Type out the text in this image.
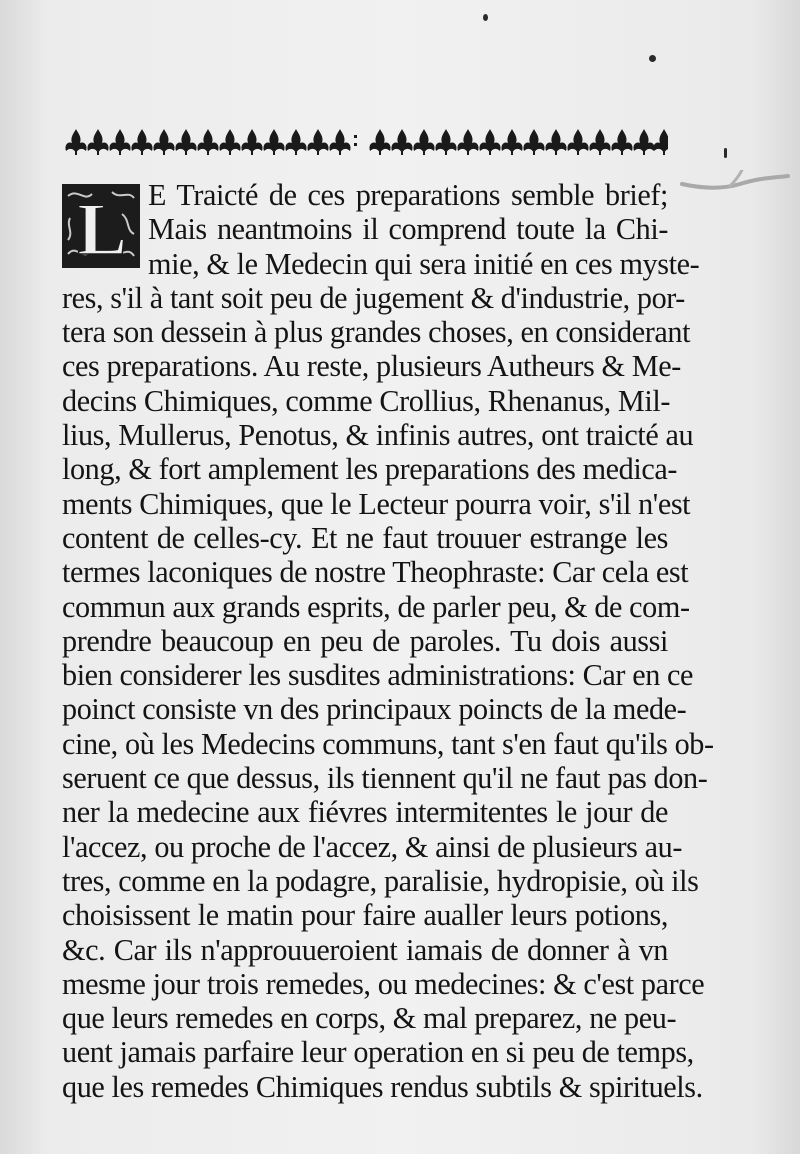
L E Traicté de ces preparations semble brief;
Mais neantmoins il comprend toute la Chi-
mie, & le Medecin qui sera initié en ces myste-
res, s'il à tant soit peu de jugement & d'industrie, por-
tera son dessein à plus grandes choses, en considerant
ces preparations. Au reste, plusieurs Autheurs & Me-
decins Chimiques, comme Crollius, Rhenanus, Mil-
lius, Mullerus, Penotus, & infinis autres, ont traicté au
long, & fort amplement les preparations des medica-
ments Chimiques, que le Lecteur pourra voir, s'il n'est
content de celles-cy. Et ne faut trouuer estrange les
termes laconiques de nostre Theophraste: Car cela est
commun aux grands esprits, de parler peu, & de com-
prendre beaucoup en peu de paroles. Tu dois aussi
bien considerer les susdites administrations: Car en ce
poinct consiste vn des principaux poincts de la mede-
cine, où les Medecins communs, tant s'en faut qu'ils ob-
seruent ce que dessus, ils tiennent qu'il ne faut pas don-
ner la medecine aux fiévres intermitentes le jour de
l'accez, ou proche de l'accez, & ainsi de plusieurs au-
tres, comme en la podagre, paralisie, hydropisie, où ils
choisissent le matin pour faire aualler leurs potions,
&c. Car ils n'approuueroient iamais de donner à vn
mesme jour trois remedes, ou medecines: & c'est parce
que leurs remedes en corps, & mal preparez, ne peu-
uent jamais parfaire leur operation en si peu de temps,
que les remedes Chimiques rendus subtils & spirituels.
